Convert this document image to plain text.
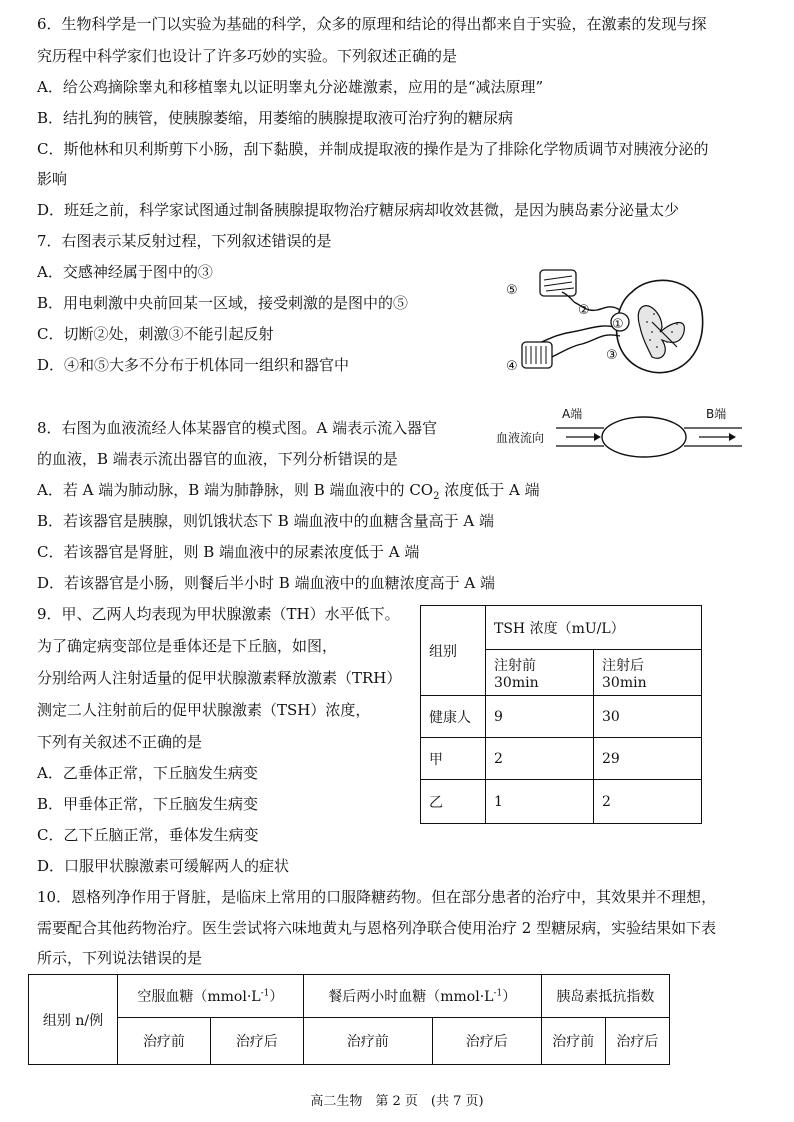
6．生物科学是一门以实验为基础的科学，众多的原理和结论的得出都来自于实验，在激素的发现与探
究历程中科学家们也设计了许多巧妙的实验。下列叙述正确的是
A．给公鸡摘除睾丸和移植睾丸以证明睾丸分泌雄激素，应用的是“减法原理”
B．结扎狗的胰管，使胰腺萎缩，用萎缩的胰腺提取液可治疗狗的糖尿病
C．斯他林和贝利斯剪下小肠，刮下黏膜，并制成提取液的操作是为了排除化学物质调节对胰液分泌的
影响
D．班廷之前，科学家试图通过制备胰腺提取物治疗糖尿病却收效甚微，是因为胰岛素分泌量太少
7．右图表示某反射过程，下列叙述错误的是
A．交感神经属于图中的③
B．用电刺激中央前回某一区域，接受刺激的是图中的⑤
C．切断②处，刺激③不能引起反射
D．④和⑤大多不分布于机体同一组织和器官中
⑤
②
①
③
④
8．右图为血液流经人体某器官的模式图。A 端表示流入器官
的血液，B 端表示流出器官的血液，下列分析错误的是
A．若 A 端为肺动脉，B 端为肺静脉，则 B 端血液中的 $CO_2$ 浓度低于 A 端
B．若该器官是胰腺，则饥饿状态下 B 端血液中的血糖含量高于 A 端
C．若该器官是肾脏，则 B 端血液中的尿素浓度低于 A 端
D．若该器官是小肠，则餐后半小时 B 端血液中的血糖浓度高于 A 端
A端	B端
血液流向
9．甲、乙两人均表现为甲状腺激素（TH）水平低下。
为了确定病变部位是垂体还是下丘脑，如图，
分别给两人注射适量的促甲状腺激素释放激素（TRH）
测定二人注射前后的促甲状腺激素（TSH）浓度，
下列有关叙述不正确的是
A．乙垂体正常，下丘脑发生病变
B．甲垂体正常，下丘脑发生病变
C．乙下丘脑正常，垂体发生病变
D．口服甲状腺激素可缓解两人的症状
组别	TSH 浓度（mU/L）	
	注射前 30min	注射后 30min
健康人	9	30
甲	2	29
乙	1	2
10．恩格列净作用于肾脏，是临床上常用的口服降糖药物。但在部分患者的治疗中，其效果并不理想，
需要配合其他药物治疗。医生尝试将六味地黄丸与恩格列净联合使用治疗 2 型糖尿病，实验结果如下表
所示，下列说法错误的是
组别 n/例	空服血糖$(mmol\cdot L^{-1})$		餐后两小时血糖$(mmol\cdot L^{-1})$		胰岛素抵抗指数	
	治疗前	治疗后	治疗前	治疗后	治疗前	治疗后
高二生物　第 2 页　(共 7 页)
